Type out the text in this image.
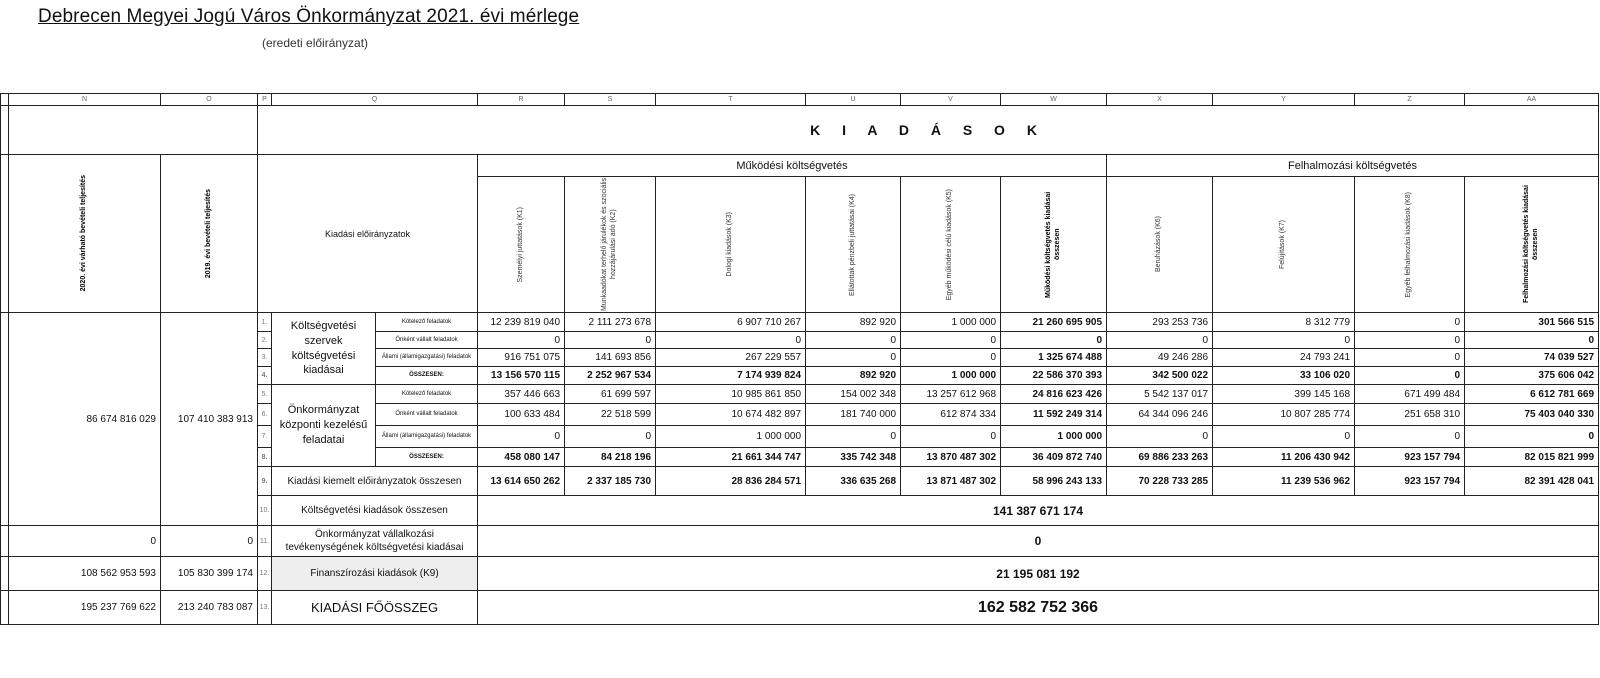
Debrecen Megyei Jogú Város Önkormányzat 2021. évi mérlege
(eredeti előirányzat)
	N	O	P	Q		R	S	T	U	V	W	X	Y	Z	AA
			K I A D Á S O K												

	2020. évi várható bevételi teljesítés	2019. évi bevételi teljesítés	Kiadási előirányzatok			Működési költségvetés						Felhalmozási költségvetés			

						Személyi juttatások (K1)	Munkaadókat terhelő járulékok és szociális hozzájárulási adó (K2)	Dologi kiadások (K3)	Ellátottak pénzbeli juttatásai (K4)	Egyéb működési célú kiadások (K5)	Működési költségvetés kiadásai összesen	Beruházások (K6)	Felújítások (K7)	Egyéb felhalmozási kiadások (K8)	Felhalmozási költségvetés kiadásai összesen

	86 674 816 029	107 410 383 913	1.	Költségvetési szervek költségvetési kiadásai	Kötelező feladatok	12 239 819 040	2 111 273 678	6 907 710 267	892 920	1 000 000	21 260 695 905	293 253 736	8 312 779	0	301 566 515
			2.		Önként vállalt feladatok	0	0	0	0	0	0	0	0	0	0
			3.		Állami (államigazgatási) feladatok	916 751 075	141 693 856	267 229 557	0	0	1 325 674 488	49 246 286	24 793 241	0	74 039 527
			4.		ÖSSZESEN:	13 156 570 115	2 252 967 534	7 174 939 824	892 920	1 000 000	22 586 370 393	342 500 022	33 106 020	0	375 606 042
			5.	Önkormányzat központi kezelésű feladatai	Kötelező feladatok	357 446 663	61 699 597	10 985 861 850	154 002 348	13 257 612 968	24 816 623 426	5 542 137 017	399 145 168	671 499 484	6 612 781 669
			6.		Önként vállalt feladatok	100 633 484	22 518 599	10 674 482 897	181 740 000	612 874 334	11 592 249 314	64 344 096 246	10 807 285 774	251 658 310	75 403 040 330
			7.		Állami (államigazgatási) feladatok	0	0	1 000 000	0	0	1 000 000	0	0	0	0
			8.		ÖSSZESEN:	458 080 147	84 218 196	21 661 344 747	335 742 348	13 870 487 302	36 409 872 740	69 886 233 263	11 206 430 942	923 157 794	82 015 821 999
			9.	Kiadási kiemelt előirányzatok összesen		13 614 650 262	2 337 185 730	28 836 284 571	336 635 268	13 871 487 302	58 996 243 133	70 228 733 285	11 239 536 962	923 157 794	82 391 428 041
			10.	Költségvetési kiadások összesen		141 387 671 174									
	0	0	11.	Önkormányzat vállalkozási tevékenységének költségvetési kiadásai		0									
	108 562 953 593	105 830 399 174	12.	Finanszírozási kiadások (K9)		21 195 081 192									
	195 237 769 622	213 240 783 087	13.	KIADÁSI FŐÖSSZEG		162 582 752 366									
